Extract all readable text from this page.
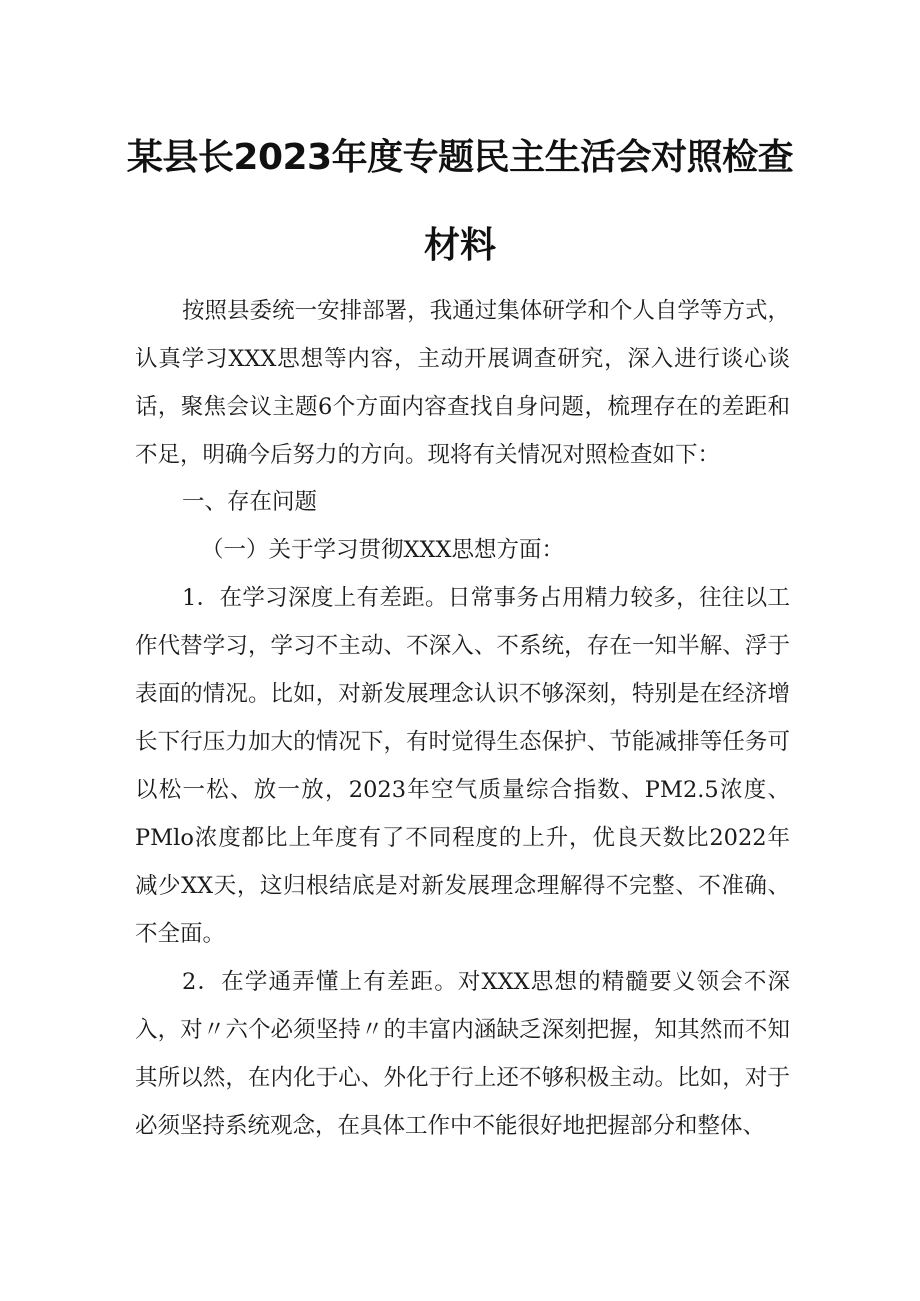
某县长2023年度专题民主生活会对照检查
材料

按照县委统一安排部署，我通过集体研学和个人自学等方式，认真学习XXX思想等内容，主动开展调查研究，深入进行谈心谈话，聚焦会议主题6个方面内容查找自身问题，梳理存在的差距和不足，明确今后努力的方向。现将有关情况对照检查如下：

一、存在问题

（一）关于学习贯彻XXX思想方面：

1．在学习深度上有差距。日常事务占用精力较多，往往以工作代替学习，学习不主动、不深入、不系统，存在一知半解、浮于表面的情况。比如，对新发展理念认识不够深刻，特别是在经济增长下行压力加大的情况下，有时觉得生态保护、节能减排等任务可以松一松、放一放，2023年空气质量综合指数、PM2.5浓度、PMlo浓度都比上年度有了不同程度的上升，优良天数比2022年减少XX天，这归根结底是对新发展理念理解得不完整、不准确、不全面。

2．在学通弄懂上有差距。对XXX思想的精髓要义领会不深入，对〃六个必须坚持〃的丰富内涵缺乏深刻把握，知其然而不知其所以然，在内化于心、外化于行上还不够积极主动。比如，对于必须坚持系统观念，在具体工作中不能很好地把握部分和整体、
